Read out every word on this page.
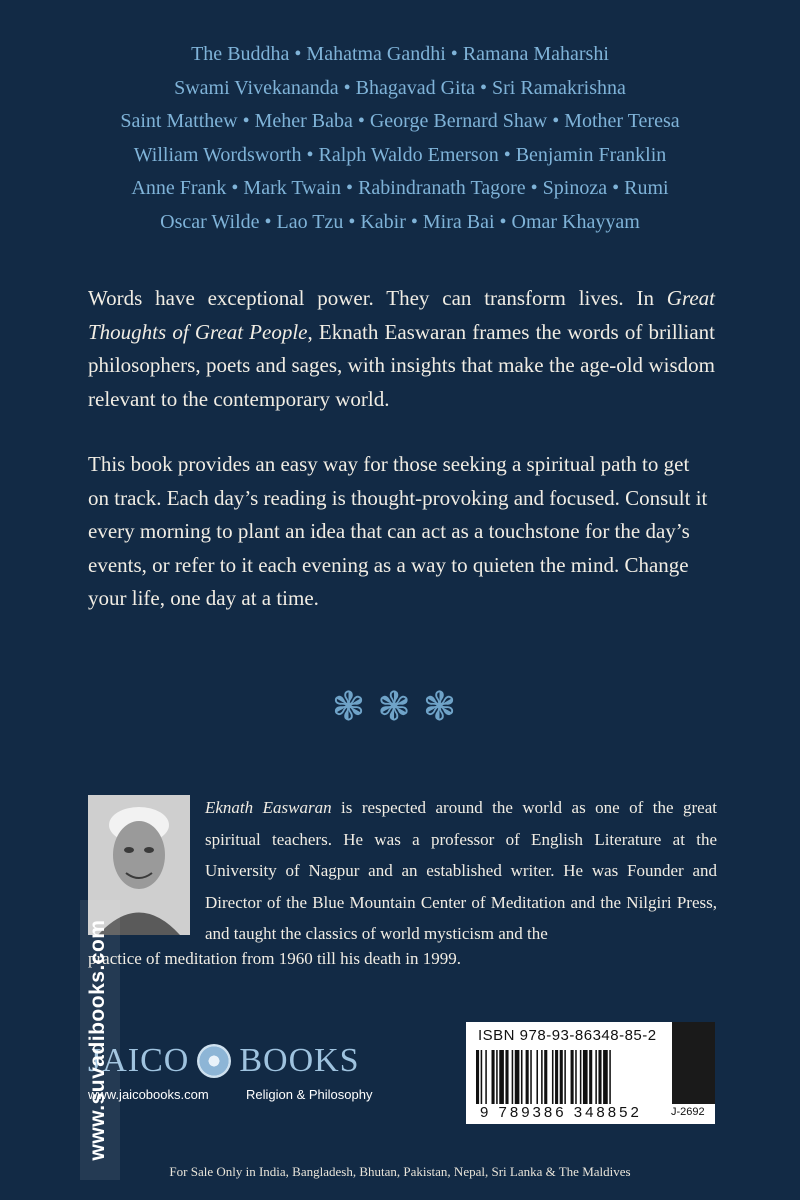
The Buddha • Mahatma Gandhi • Ramana Maharshi
Swami Vivekananda • Bhagavad Gita • Sri Ramakrishna
Saint Matthew • Meher Baba • George Bernard Shaw • Mother Teresa
William Wordsworth • Ralph Waldo Emerson • Benjamin Franklin
Anne Frank • Mark Twain • Rabindranath Tagore • Spinoza • Rumi
Oscar Wilde • Lao Tzu • Kabir • Mira Bai • Omar Khayyam
Words have exceptional power. They can transform lives. In Great Thoughts of Great People, Eknath Easwaran frames the words of brilliant philosophers, poets and sages, with insights that make the age-old wisdom relevant to the contemporary world.
This book provides an easy way for those seeking a spiritual path to get on track. Each day’s reading is thought-provoking and focused. Consult it every morning to plant an idea that can act as a touchstone for the day’s events, or refer to it each evening as a way to quieten the mind. Change your life, one day at a time.
❃❃❃
Eknath Easwaran is respected around the world as one of the great spiritual teachers. He was a professor of English Literature at the University of Nagpur and an established writer. He was Founder and Director of the Blue Mountain Center of Meditation and the Nilgiri Press, and taught the classics of world mysticism and the
practice of meditation from 1960 till his death in 1999.
JAICO BOOKS
www.jaicobooks.com	Religion & Philosophy
ISBN 978-93-86348-85-2
9 789386 348852	J-2692
For Sale Only in India, Bangladesh, Bhutan, Pakistan, Nepal, Sri Lanka & The Maldives
www.suvadibooks.com
